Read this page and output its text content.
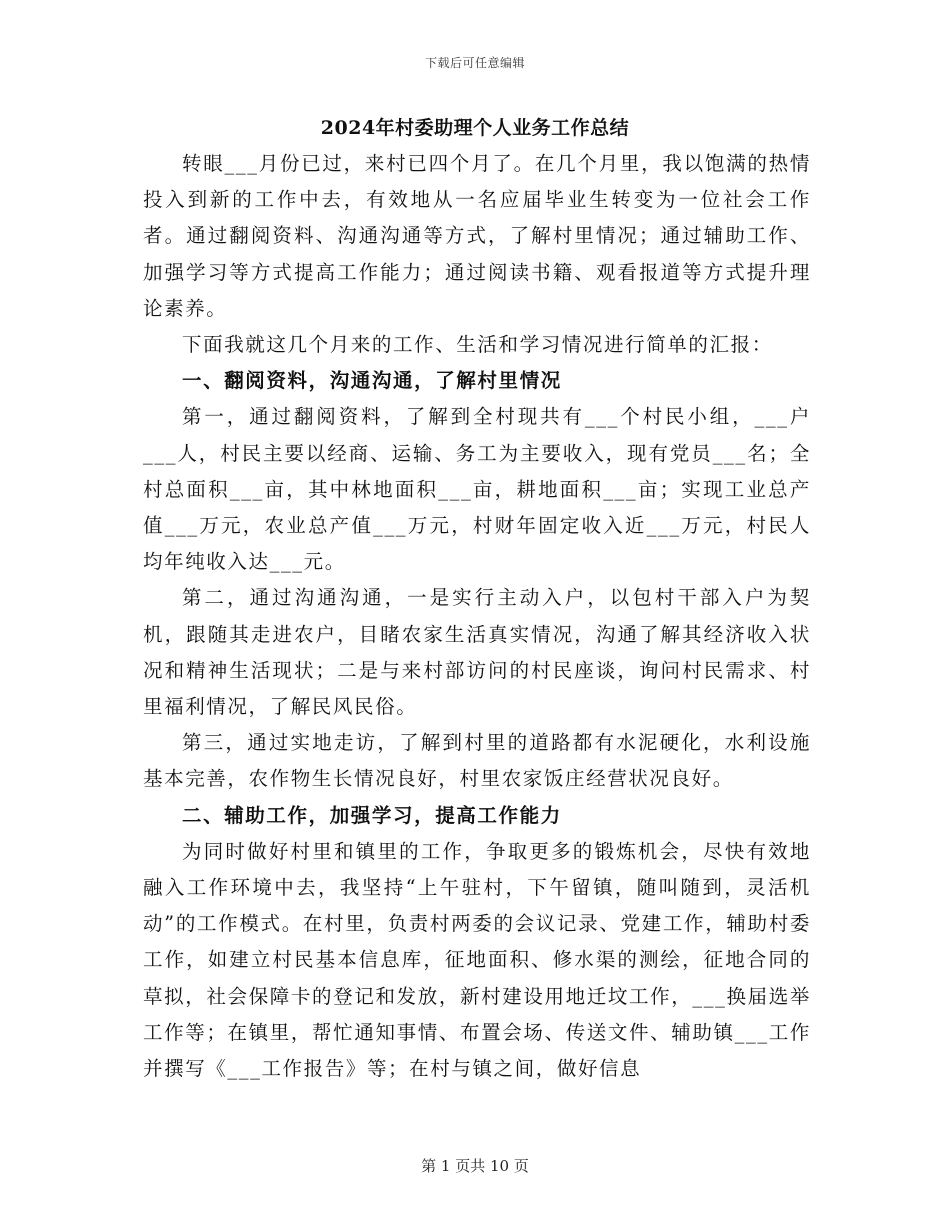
下载后可任意编辑
2024年村委助理个人业务工作总结

转眼___月份已过，来村已四个月了。在几个月里，我以饱满的热情投入到新的工作中去，有效地从一名应届毕业生转变为一位社会工作者。通过翻阅资料、沟通沟通等方式，了解村里情况；通过辅助工作、加强学习等方式提高工作能力；通过阅读书籍、观看报道等方式提升理论素养。

下面我就这几个月来的工作、生活和学习情况进行简单的汇报：

一、翻阅资料，沟通沟通，了解村里情况

第一，通过翻阅资料，了解到全村现共有___个村民小组，___户___人，村民主要以经商、运输、务工为主要收入，现有党员___名；全村总面积___亩，其中林地面积___亩，耕地面积___亩；实现工业总产值___万元，农业总产值___万元，村财年固定收入近___万元，村民人均年纯收入达___元。

第二，通过沟通沟通，一是实行主动入户，以包村干部入户为契机，跟随其走进农户，目睹农家生活真实情况，沟通了解其经济收入状况和精神生活现状；二是与来村部访问的村民座谈，询问村民需求、村里福利情况，了解民风民俗。

第三，通过实地走访，了解到村里的道路都有水泥硬化，水利设施基本完善，农作物生长情况良好，村里农家饭庄经营状况良好。

二、辅助工作，加强学习，提高工作能力

为同时做好村里和镇里的工作，争取更多的锻炼机会，尽快有效地融入工作环境中去，我坚持“上午驻村，下午留镇，随叫随到，灵活机动”的工作模式。在村里，负责村两委的会议记录、党建工作，辅助村委工作，如建立村民基本信息库，征地面积、修水渠的测绘，征地合同的草拟，社会保障卡的登记和发放，新村建设用地迁坟工作，___换届选举工作等；在镇里，帮忙通知事情、布置会场、传送文件、辅助镇___工作并撰写《___工作报告》等；在村与镇之间，做好信息

第 1 页共 10 页
